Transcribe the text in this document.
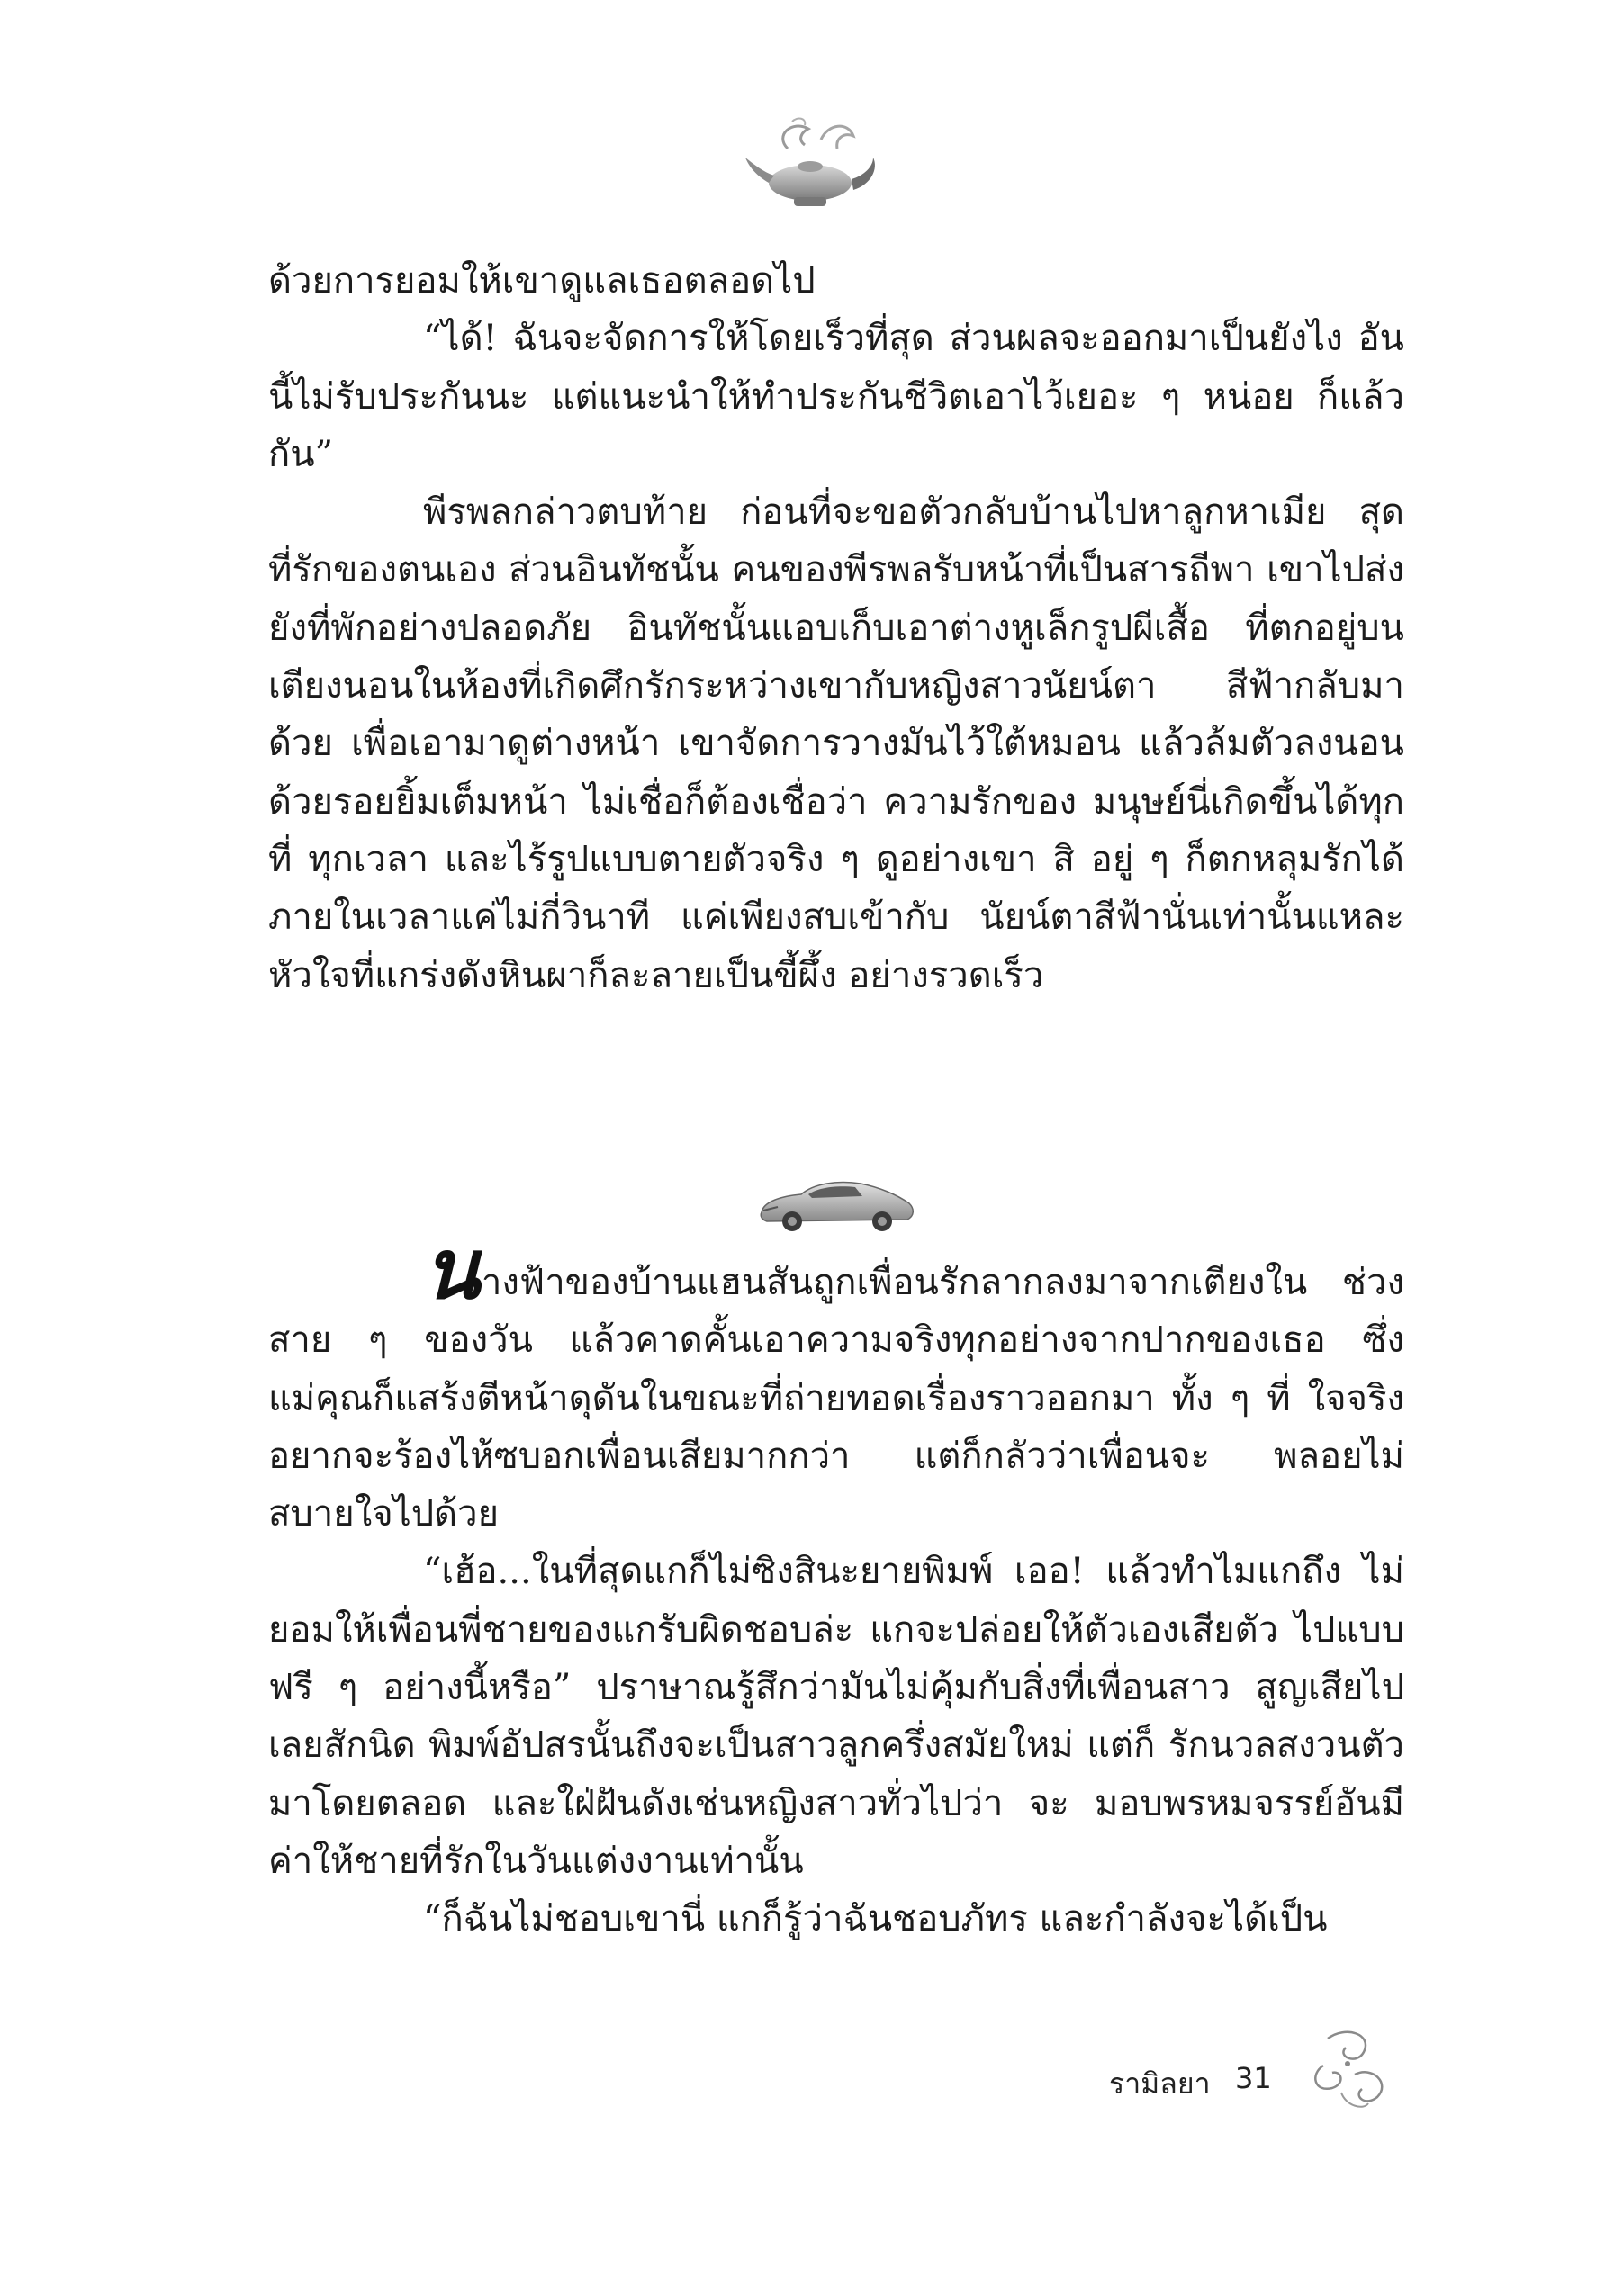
ด้วยการยอมให้เขาดูแลเธอตลอดไป

“ได้! ฉันจะจัดการให้โดยเร็วที่สุด ส่วนผลจะออกมาเป็นยังไง อันนี้ไม่รับประกันนะ แต่แนะนำให้ทำประกันชีวิตเอาไว้เยอะ ๆ หน่อย ก็แล้วกัน”

พีรพลกล่าวตบท้าย ก่อนที่จะขอตัวกลับบ้านไปหาลูกหาเมีย สุดที่รักของตนเอง ส่วนอินทัชนั้น คนของพีรพลรับหน้าที่เป็นสารถีพา เขาไปส่งยังที่พักอย่างปลอดภัย อินทัชนั้นแอบเก็บเอาต่างหูเล็กรูปผีเสื้อ ที่ตกอยู่บนเตียงนอนในห้องที่เกิดศึกรักระหว่างเขากับหญิงสาวนัยน์ตา สีฟ้ากลับมาด้วย เพื่อเอามาดูต่างหน้า เขาจัดการวางมันไว้ใต้หมอน แล้วล้มตัวลงนอนด้วยรอยยิ้มเต็มหน้า ไม่เชื่อก็ต้องเชื่อว่า ความรักของ มนุษย์นี่เกิดขึ้นได้ทุกที่ ทุกเวลา และไร้รูปแบบตายตัวจริง ๆ ดูอย่างเขา สิ อยู่ ๆ ก็ตกหลุมรักได้ภายในเวลาแค่ไม่กี่วินาที แค่เพียงสบเข้ากับ นัยน์ตาสีฟ้านั่นเท่านั้นแหละ หัวใจที่แกร่งดังหินผาก็ละลายเป็นขี้ผึ้ง อย่างรวดเร็ว

นางฟ้าของบ้านแฮนสันถูกเพื่อนรักลากลงมาจากเตียงใน ช่วงสาย ๆ ของวัน แล้วคาดคั้นเอาความจริงทุกอย่างจากปากของเธอ ซึ่งแม่คุณก็แสร้งตีหน้าดุดันในขณะที่ถ่ายทอดเรื่องราวออกมา ทั้ง ๆ ที่ ใจจริงอยากจะร้องไห้ซบอกเพื่อนเสียมากกว่า แต่ก็กลัวว่าเพื่อนจะ พลอยไม่สบายใจไปด้วย

“เฮ้อ...ในที่สุดแกก็ไม่ซิงสินะยายพิมพ์ เออ! แล้วทำไมแกถึง ไม่ยอมให้เพื่อนพี่ชายของแกรับผิดชอบล่ะ แกจะปล่อยให้ตัวเองเสียตัว ไปแบบฟรี ๆ อย่างนี้หรือ” ปราษาณรู้สึกว่ามันไม่คุ้มกับสิ่งที่เพื่อนสาว สูญเสียไปเลยสักนิด พิมพ์อัปสรนั้นถึงจะเป็นสาวลูกครึ่งสมัยใหม่ แต่ก็ รักนวลสงวนตัวมาโดยตลอด และใฝ่ฝันดังเช่นหญิงสาวทั่วไปว่า จะ มอบพรหมจรรย์อันมีค่าให้ชายที่รักในวันแต่งงานเท่านั้น

“ก็ฉันไม่ชอบเขานี่ แกก็รู้ว่าฉันชอบภัทร และกำลังจะได้เป็น

รามิลยา 31
